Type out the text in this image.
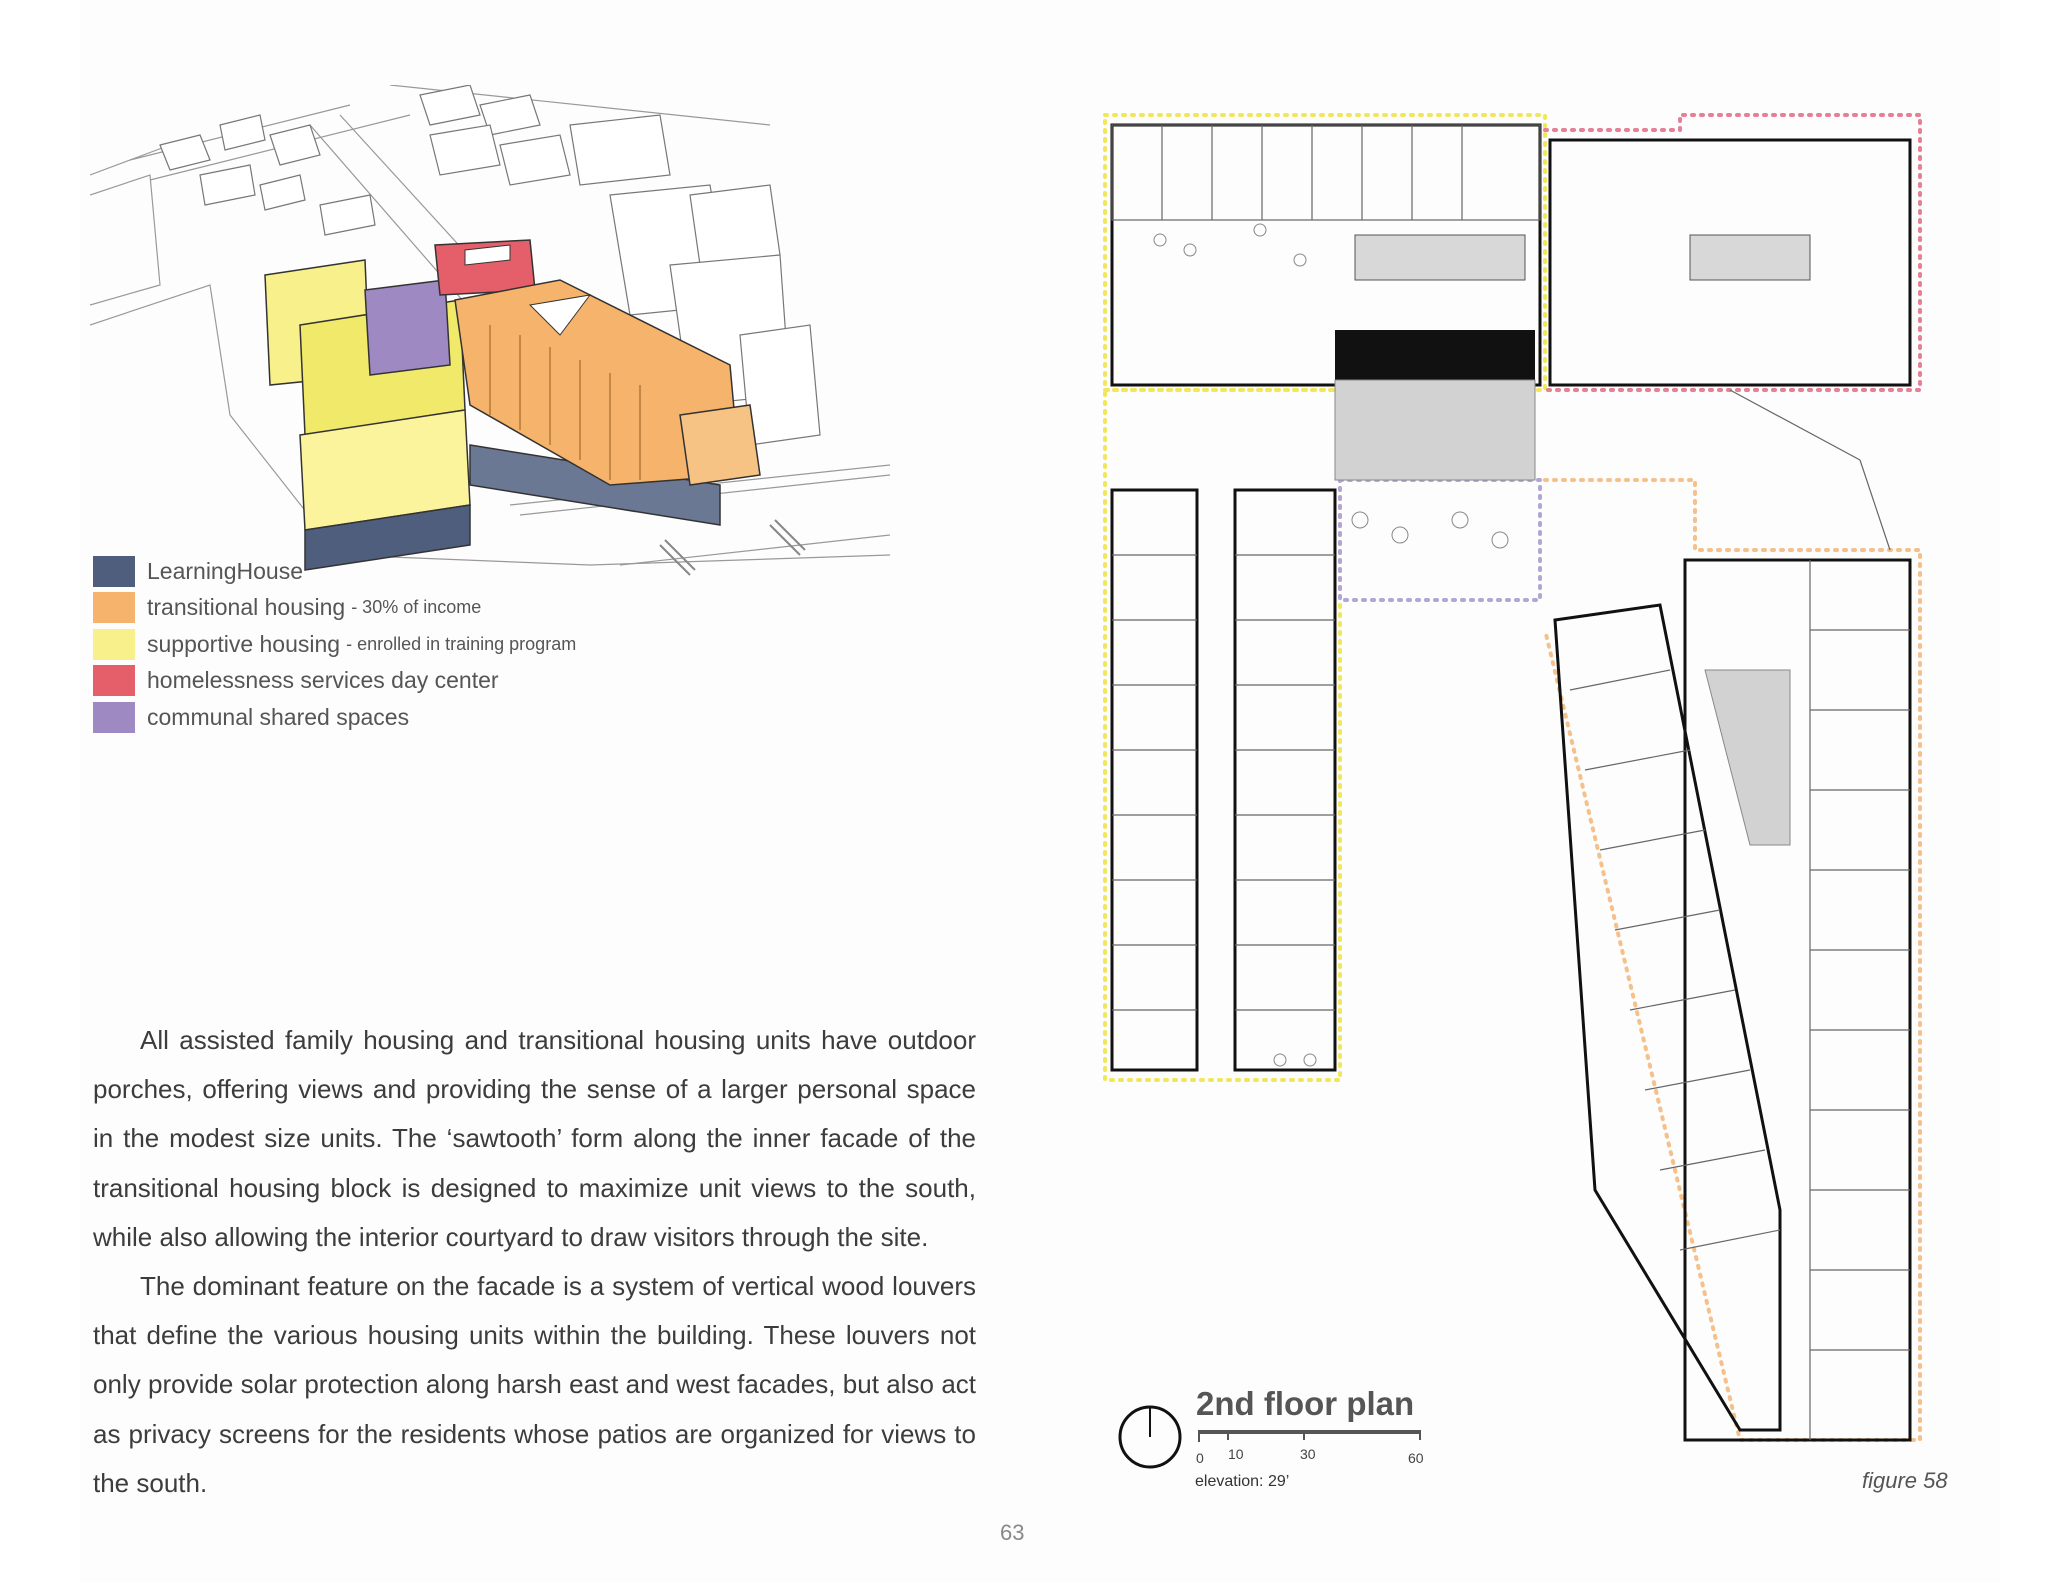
LearningHouse
transitional housing - 30% of income
supportive housing - enrolled in training program
homelessness services day center
communal shared spaces

All assisted family housing and transitional housing units have outdoor porches, offering views and providing the sense of a larger personal space in the modest size units. The ‘sawtooth’ form along the inner facade of the transitional housing block is designed to maximize unit views to the south, while also allowing the interior courtyard to draw visitors through the site.

The dominant feature on the facade is a system of vertical wood louvers that define the various housing units within the building. These louvers not only provide solar protection along harsh east and west facades, but also act as privacy screens for the residents whose patios are organized for views to the south.

63
2nd floor plan
0 10	30	60
elevation: 29’	figure 58
